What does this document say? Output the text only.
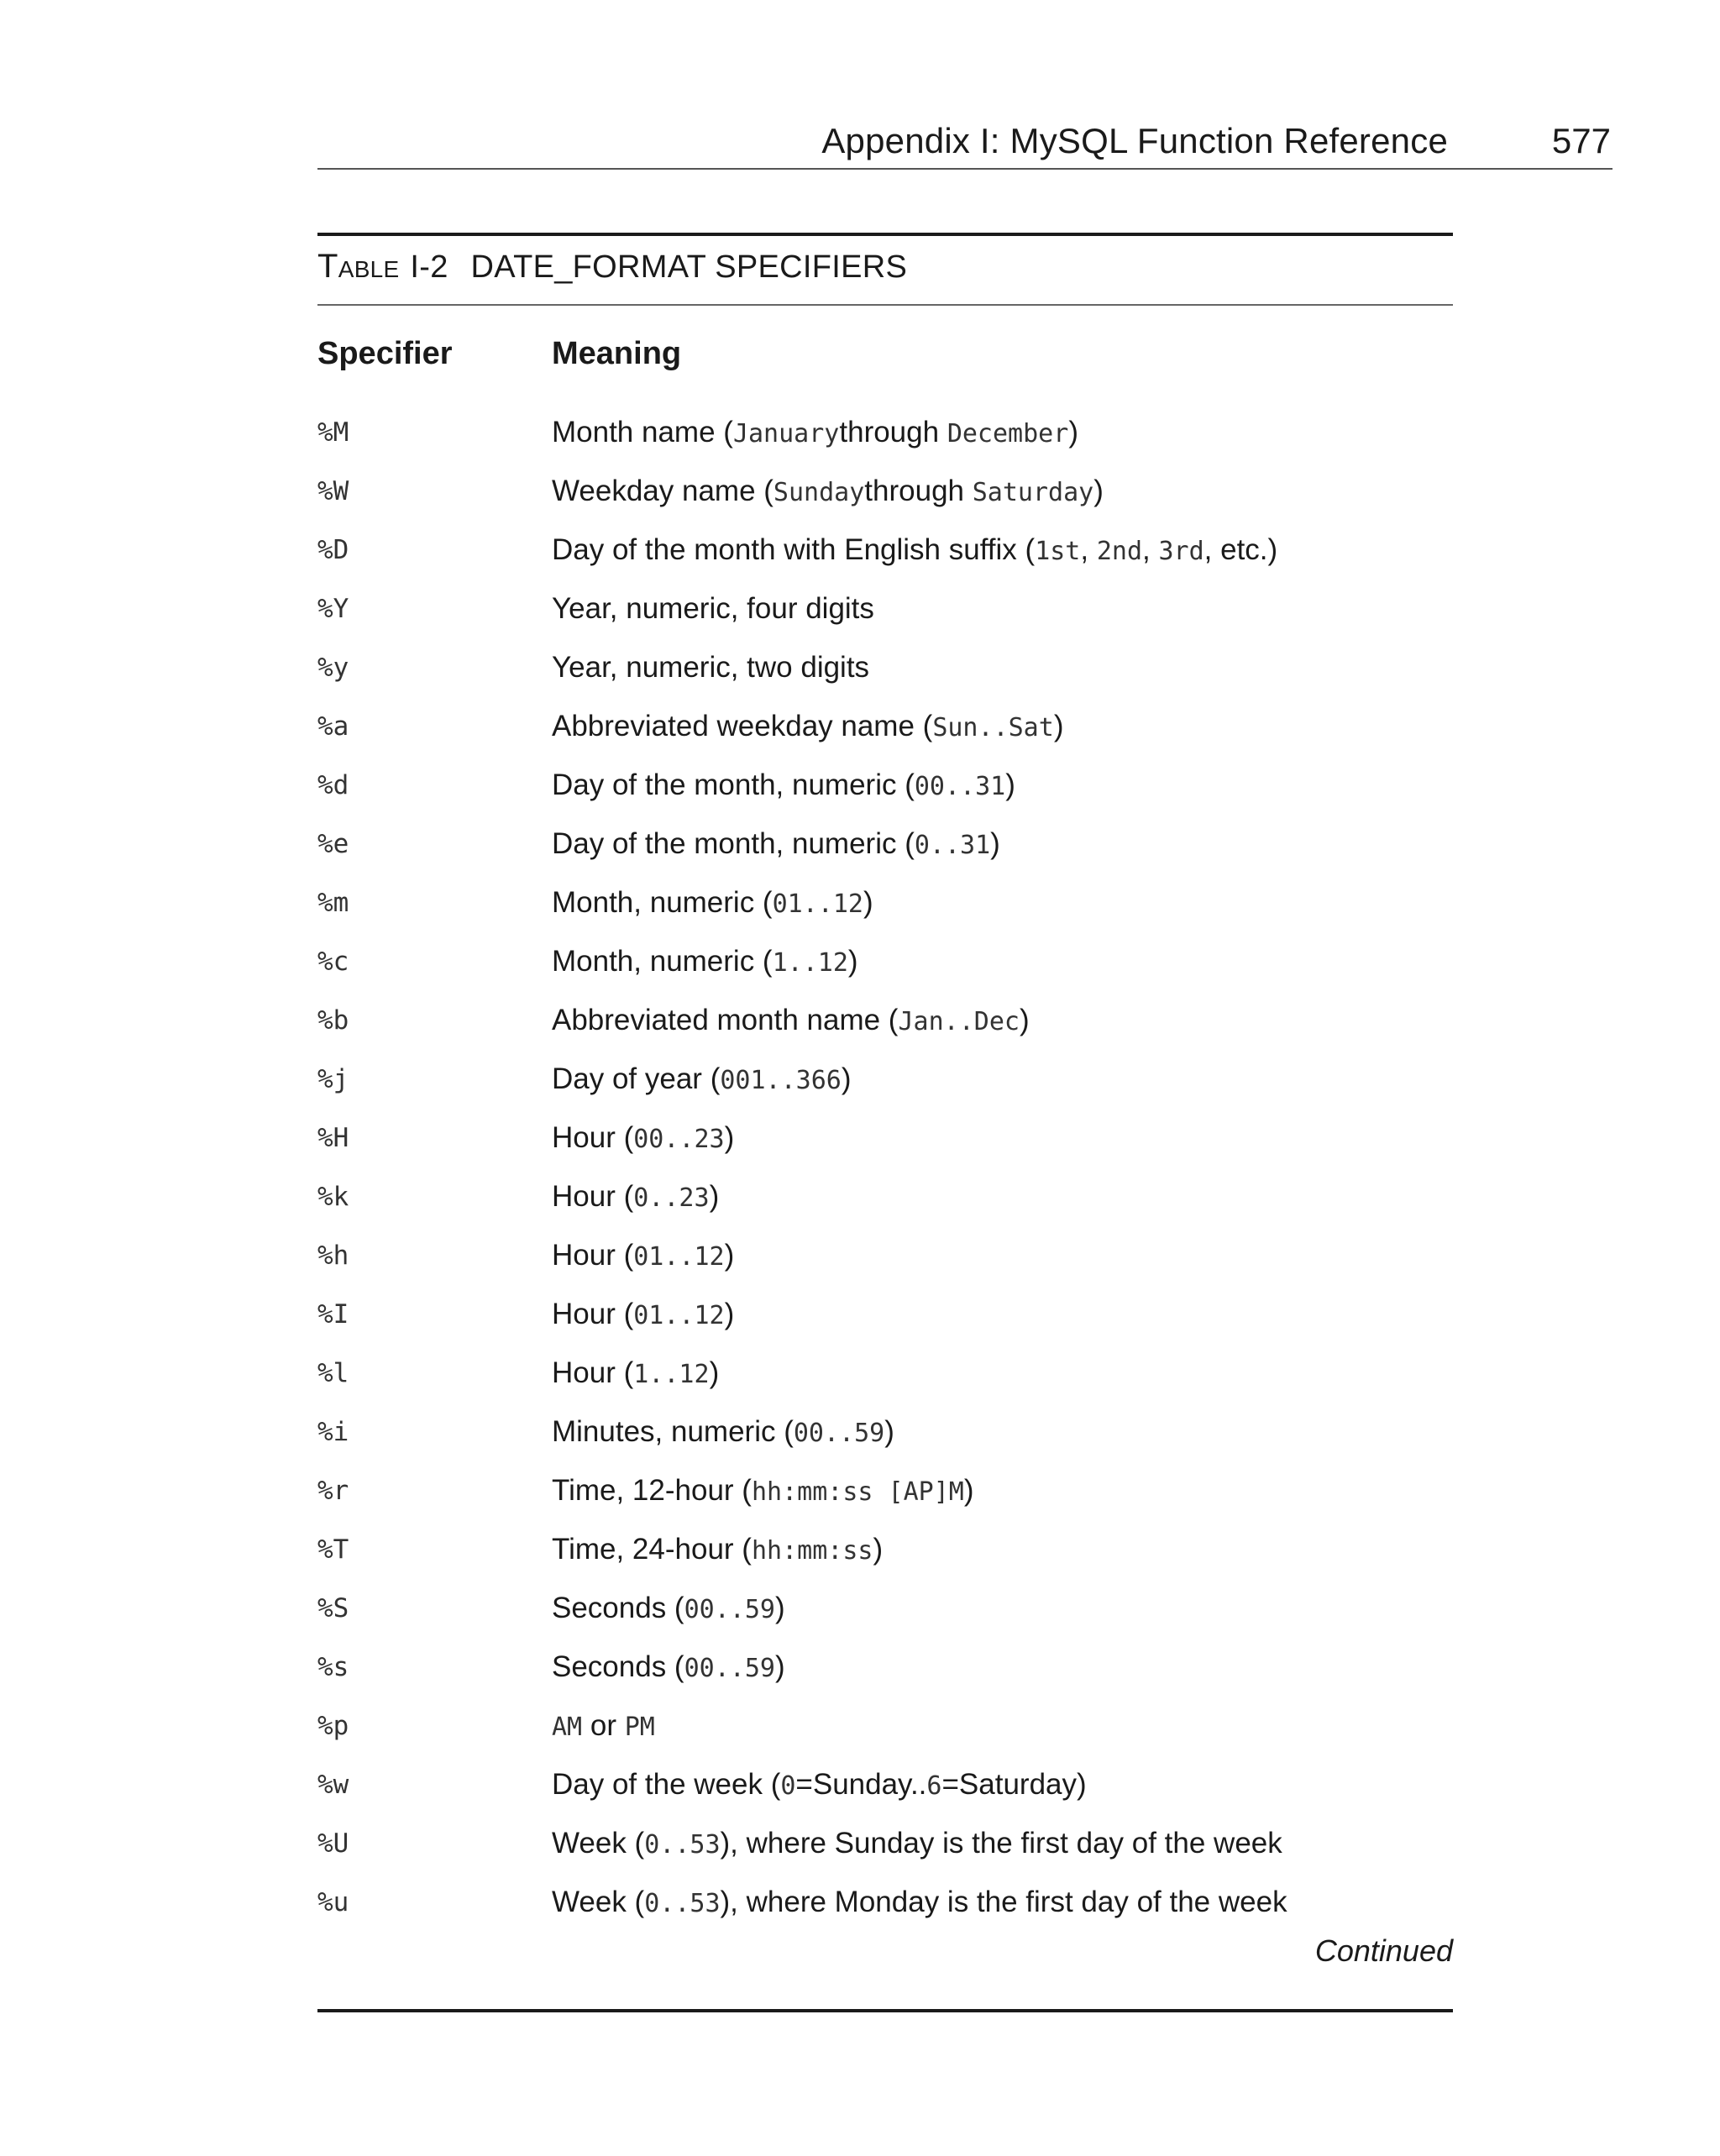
Appendix I: MySQL Function Reference	577
Table I-2 DATE_FORMAT SPECIFIERS
Specifier	Meaning
%M	Month name (Januarythrough December)
%W	Weekday name (Sundaythrough Saturday)
%D	Day of the month with English suffix (1st, 2nd, 3rd, etc.)
%Y	Year, numeric, four digits
%y	Year, numeric, two digits
%a	Abbreviated weekday name (Sun..Sat)
%d	Day of the month, numeric (00..31)
%e	Day of the month, numeric (0..31)
%m	Month, numeric (01..12)
%c	Month, numeric (1..12)
%b	Abbreviated month name (Jan..Dec)
%j	Day of year (001..366)
%H	Hour (00..23)
%k	Hour (0..23)
%h	Hour (01..12)
%I	Hour (01..12)
%l	Hour (1..12)
%i	Minutes, numeric (00..59)
%r	Time, 12-hour (hh:mm:ss [AP]M)
%T	Time, 24-hour (hh:mm:ss)
%S	Seconds (00..59)
%s	Seconds (00..59)
%p	AM or PM
%w	Day of the week (0=Sunday..6=Saturday)
%U	Week (0..53), where Sunday is the first day of the week
%u	Week (0..53), where Monday is the first day of the week
Continued
